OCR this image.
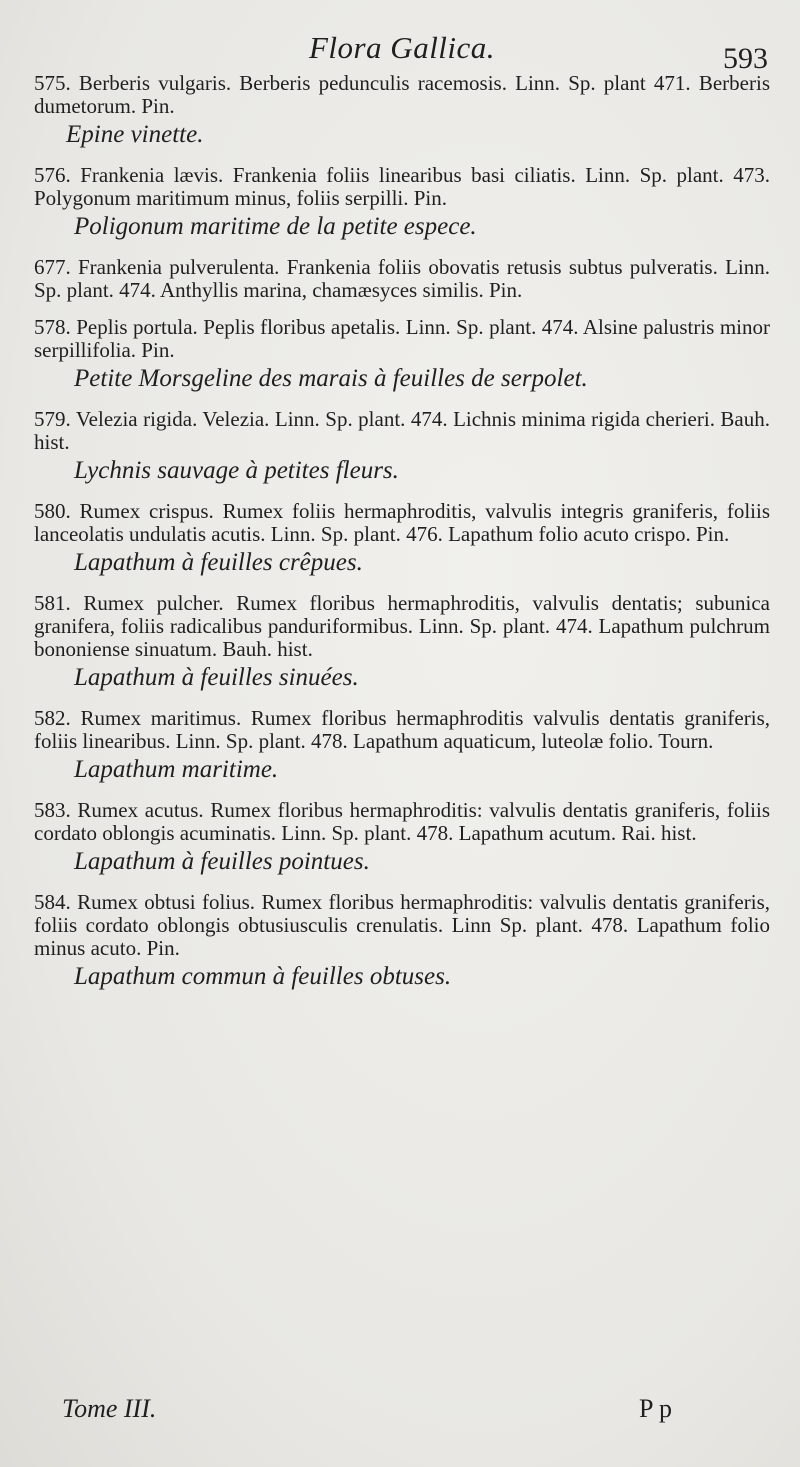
Flora Gallica.	593

575. Berberis vulgaris. Berberis pedunculis racemosis. Linn. Sp. plant 471. Berberis dumetorum. Pin.

Epine vinette.

576. Frankenia lævis. Frankenia foliis linearibus basi ciliatis. Linn. Sp. plant. 473. Polygonum maritimum minus, foliis serpilli. Pin.

Poligonum maritime de la petite espece.

677. Frankenia pulverulenta. Frankenia foliis obovatis retusis subtus pulveratis. Linn. Sp. plant. 474. Anthyllis marina, chamæsyces similis. Pin.

578. Peplis portula. Peplis floribus apetalis. Linn. Sp. plant. 474. Alsine palustris minor serpillifolia. Pin.

Petite Morsgeline des marais à feuilles de serpolet.

579. Velezia rigida. Velezia. Linn. Sp. plant. 474. Lichnis minima rigida cherieri. Bauh. hist.

Lychnis sauvage à petites fleurs.

580. Rumex crispus. Rumex foliis hermaphroditis, valvulis integris graniferis, foliis lanceolatis undulatis acutis. Linn. Sp. plant. 476. Lapathum folio acuto crispo. Pin.

Lapathum à feuilles crêpues.

581. Rumex pulcher. Rumex floribus hermaphroditis, valvulis dentatis; subunica granifera, foliis radicalibus panduriformibus. Linn. Sp. plant. 474. Lapathum pulchrum bononiense sinuatum. Bauh. hist.

Lapathum à feuilles sinuées.

582. Rumex maritimus. Rumex floribus hermaphroditis valvulis dentatis graniferis, foliis linearibus. Linn. Sp. plant. 478. Lapathum aquaticum, luteolæ folio. Tourn.

Lapathum maritime.

583. Rumex acutus. Rumex floribus hermaphroditis: valvulis dentatis graniferis, foliis cordato oblongis acuminatis. Linn. Sp. plant. 478. Lapathum acutum. Rai. hist.

Lapathum à feuilles pointues.

584. Rumex obtusi folius. Rumex floribus hermaphroditis: valvulis dentatis graniferis, foliis cordato oblongis obtusiusculis crenulatis. Linn Sp. plant. 478. Lapathum folio minus acuto. Pin.

Lapathum commun à feuilles obtuses.
Tome III.	P p
